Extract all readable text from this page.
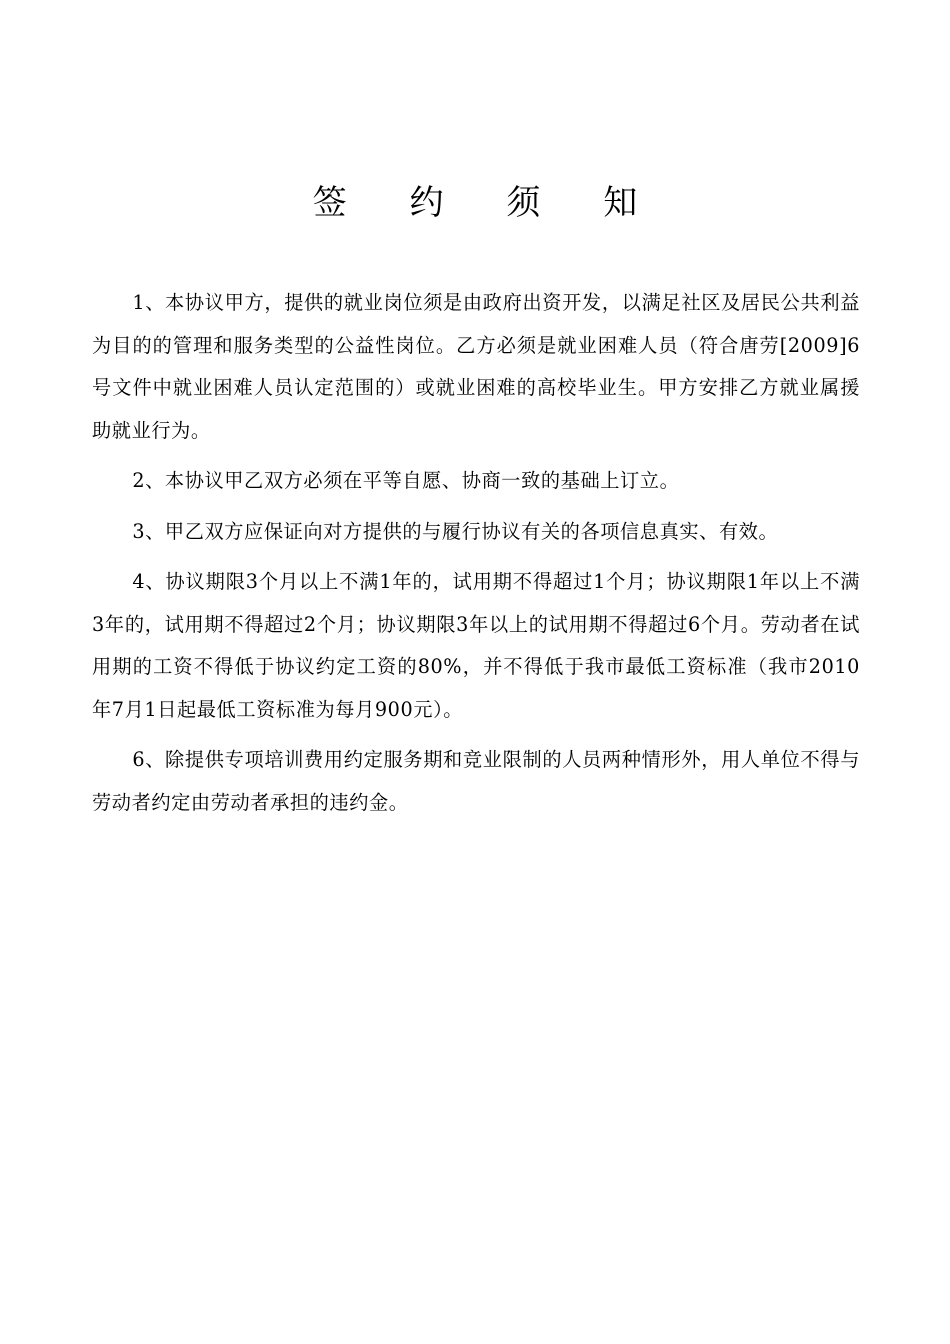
签 约 须 知

1、本协议甲方，提供的就业岗位须是由政府出资开发，以满足社区及居民公共利益为目的的管理和服务类型的公益性岗位。乙方必须是就业困难人员（符合唐劳[2009]6号文件中就业困难人员认定范围的）或就业困难的高校毕业生。甲方安排乙方就业属援助就业行为。

2、本协议甲乙双方必须在平等自愿、协商一致的基础上订立。

3、甲乙双方应保证向对方提供的与履行协议有关的各项信息真实、有效。

4、协议期限3个月以上不满1年的，试用期不得超过1个月；协议期限1年以上不满3年的，试用期不得超过2个月；协议期限3年以上的试用期不得超过6个月。劳动者在试用期的工资不得低于协议约定工资的80%，并不得低于我市最低工资标准（我市2010年7月1日起最低工资标准为每月900元）。

6、除提供专项培训费用约定服务期和竞业限制的人员两种情形外，用人单位不得与劳动者约定由劳动者承担的违约金。
